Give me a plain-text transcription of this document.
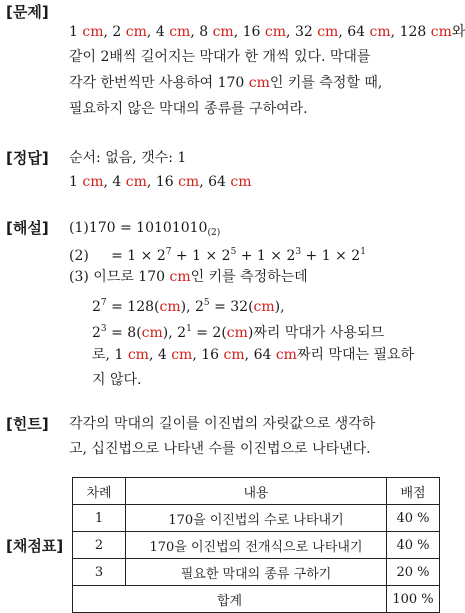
[문제]
1 cm, 2 cm, 4 cm, 8 cm, 16 cm, 32 cm, 64 cm, 128 cm와
같이 2배씩 길어지는 막대가 한 개씩 있다. 막대를
각각 한번씩만 사용하여 170 cm인 키를 측정할 때,
필요하지 않은 막대의 종류를 구하여라.
[정답] 순서: 없음, 갯수: 1
1 cm, 4 cm, 16 cm, 64 cm
[해설] $(1)170 = 10101010_{(2)}$
$(2) = 1 \times 2^7 + 1 \times 2^5 + 1 \times 2^3 + 1 \times 2^1$
(3) 이므로 170 cm인 키를 측정하는데
$2^7 = 128(cm)$, $2^5 = 32(cm)$,
$2^3 = 8(cm)$, $2^1 = 2(cm)$짜리 막대가 사용되므
로, 1 cm, 4 cm, 16 cm, 64 cm짜리 막대는 필요하
지 않다.
[힌트] 각각의 막대의 길이를 이진법의 자릿값으로 생각하
고, 십진법으로 나타낸 수를 이진법으로 나타낸다.
[채점표]
차례	내용	배점
1	170을 이진법의 수로 나타내기	40 %
2	170을 이진법의 전개식으로 나타내기	40 %
3	필요한 막대의 종류 구하기	20 %
합계		100 %
